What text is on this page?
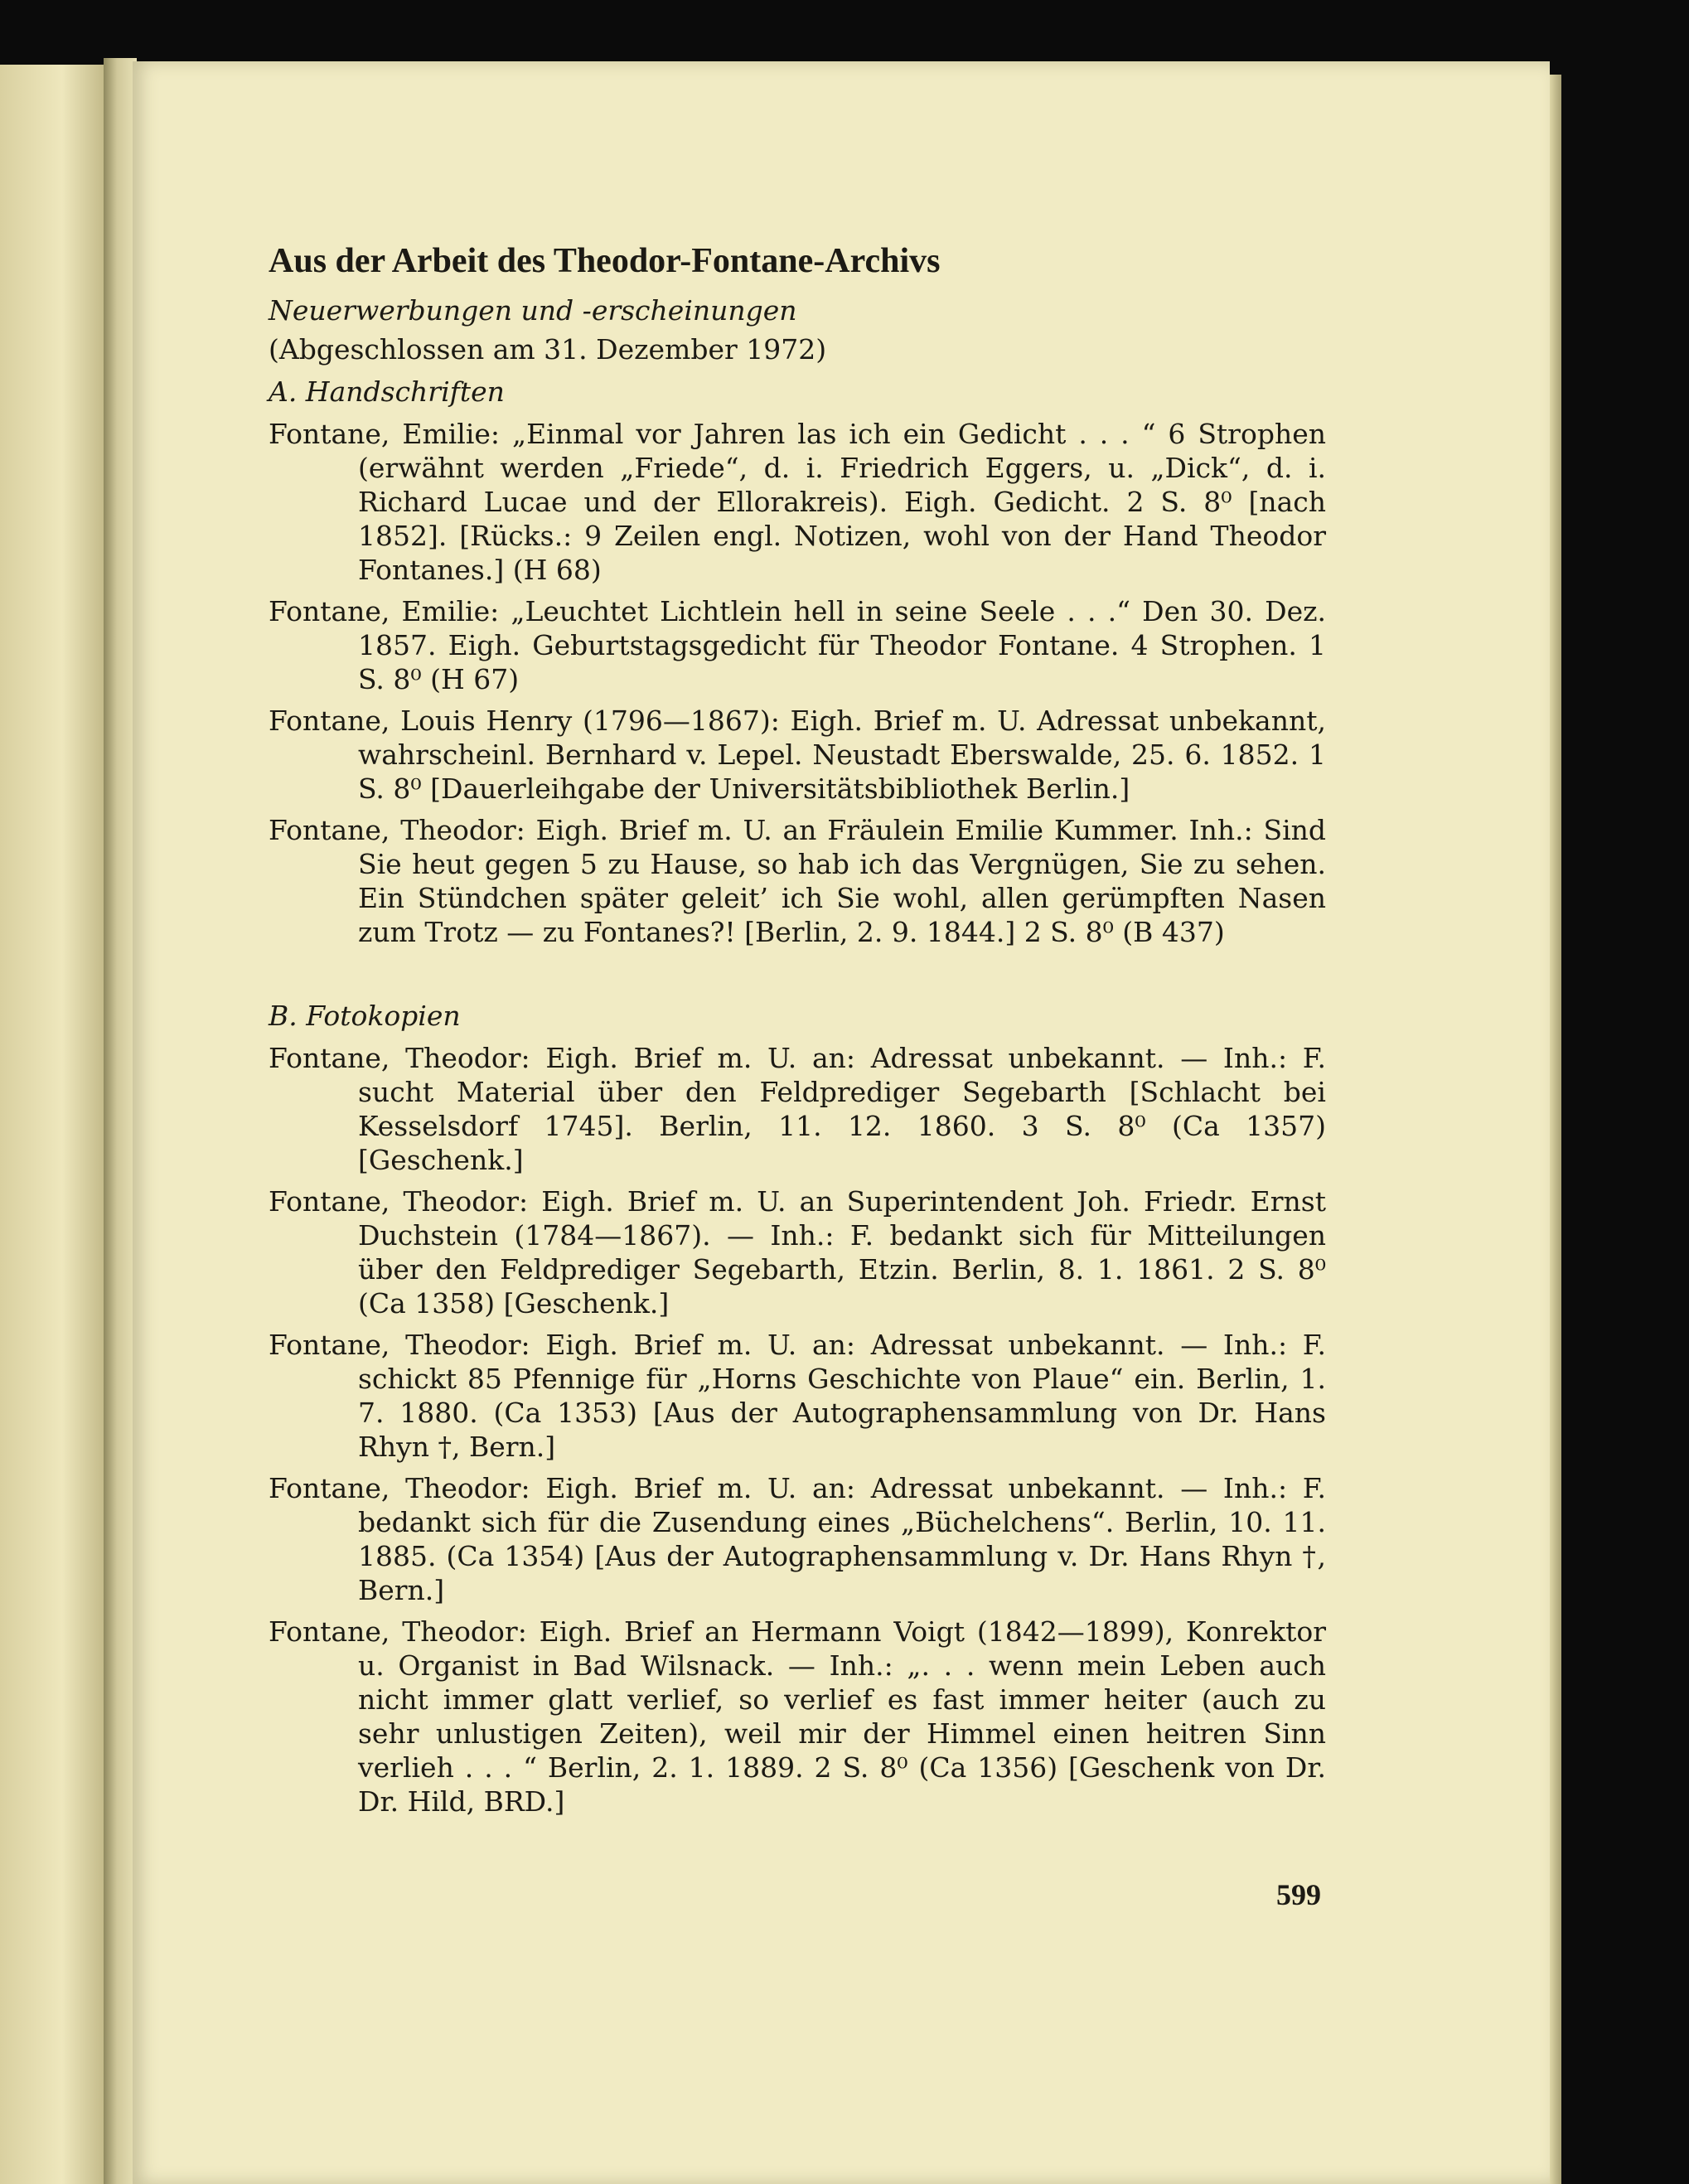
Aus der Arbeit des Theodor-Fontane-Archivs
Neuerwerbungen und -erscheinungen
(Abgeschlossen am 31. Dezember 1972)
A. Handschriften
Fontane, Emilie: „Einmal vor Jahren las ich ein Gedicht . . . “ 6 Strophen (erwähnt werden „Friede“, d. i. Friedrich Eggers, u. „Dick“, d. i. Richard Lucae und der Ellorakreis). Eigh. Gedicht. 2 S. 8⁰ [nach 1852]. [Rücks.: 9 Zeilen engl. Notizen, wohl von der Hand Theodor Fontanes.] (H 68)
Fontane, Emilie: „Leuchtet Lichtlein hell in seine Seele . . .“ Den 30. Dez. 1857. Eigh. Geburtstagsgedicht für Theodor Fontane. 4 Strophen. 1 S. 8⁰ (H 67)
Fontane, Louis Henry (1796—1867): Eigh. Brief m. U. Adressat unbekannt, wahrscheinl. Bernhard v. Lepel. Neustadt Eberswalde, 25. 6. 1852. 1 S. 8⁰ [Dauerleihgabe der Universitätsbibliothek Berlin.]
Fontane, Theodor: Eigh. Brief m. U. an Fräulein Emilie Kummer. Inh.: Sind Sie heut gegen 5 zu Hause, so hab ich das Vergnügen, Sie zu sehen. Ein Stündchen später geleit’ ich Sie wohl, allen gerümpften Nasen zum Trotz — zu Fontanes?! [Berlin, 2. 9. 1844.] 2 S. 8⁰ (B 437)
B. Fotokopien
Fontane, Theodor: Eigh. Brief m. U. an: Adressat unbekannt. — Inh.: F. sucht Material über den Feldprediger Segebarth [Schlacht bei Kesselsdorf 1745]. Berlin, 11. 12. 1860. 3 S. 8⁰ (Ca 1357) [Geschenk.]
Fontane, Theodor: Eigh. Brief m. U. an Superintendent Joh. Friedr. Ernst Duchstein (1784—1867). — Inh.: F. bedankt sich für Mitteilungen über den Feldprediger Segebarth, Etzin. Berlin, 8. 1. 1861. 2 S. 8⁰ (Ca 1358) [Geschenk.]
Fontane, Theodor: Eigh. Brief m. U. an: Adressat unbekannt. — Inh.: F. schickt 85 Pfennige für „Horns Geschichte von Plaue“ ein. Berlin, 1. 7. 1880. (Ca 1353) [Aus der Autographensammlung von Dr. Hans Rhyn †, Bern.]
Fontane, Theodor: Eigh. Brief m. U. an: Adressat unbekannt. — Inh.: F. bedankt sich für die Zusendung eines „Büchelchens“. Berlin, 10. 11. 1885. (Ca 1354) [Aus der Autographensammlung v. Dr. Hans Rhyn †, Bern.]
Fontane, Theodor: Eigh. Brief an Hermann Voigt (1842—1899), Konrektor u. Organist in Bad Wilsnack. — Inh.: „. . . wenn mein Leben auch nicht immer glatt verlief, so verlief es fast immer heiter (auch zu sehr unlustigen Zeiten), weil mir der Himmel einen heitren Sinn verlieh . . . “ Berlin, 2. 1. 1889. 2 S. 8⁰ (Ca 1356) [Geschenk von Dr. Dr. Hild, BRD.]
599
